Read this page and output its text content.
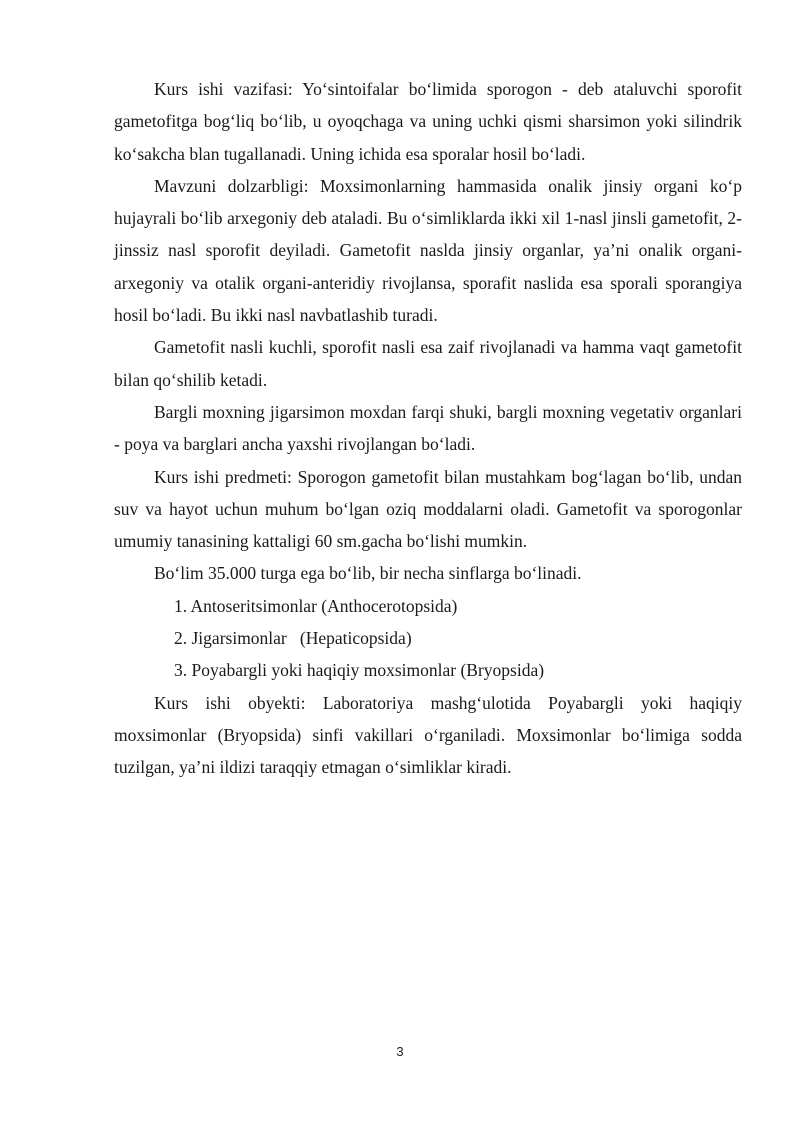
Kurs ishi vazifasi: Yo‘sintoifalar bo‘limida sporogon - deb ataluvchi sporofit gametofitga bog‘liq bo‘lib, u oyoqchaga va uning uchki qismi sharsimon yoki silindrik ko‘sakcha blan tugallanadi. Uning ichida esa sporalar hosil bo‘ladi.

Mavzuni dolzarbligi: Moxsimonlarning hammasida onalik jinsiy organi ko‘p hujayrali bo‘lib arxegoniy deb ataladi. Bu o‘simliklarda ikki xil 1-nasl jinsli gametofit, 2-jinssiz nasl sporofit deyiladi. Gametofit naslda jinsiy organlar, ya’ni onalik organi-arxegoniy va otalik organi-anteridiy rivojlansa, sporafit naslida esa sporali sporangiya hosil bo‘ladi. Bu ikki nasl navbatlashib turadi.

Gametofit nasli kuchli, sporofit nasli esa zaif rivojlanadi va hamma vaqt gametofit bilan qo‘shilib ketadi.

Bargli moxning jigarsimon moxdan farqi shuki, bargli moxning vegetativ organlari - poya va barglari ancha yaxshi rivojlangan bo‘ladi.

Kurs ishi predmeti: Sporogon gametofit bilan mustahkam bog‘lagan bo‘lib, undan suv va hayot uchun muhum bo‘lgan oziq moddalarni oladi. Gametofit va sporogonlar umumiy tanasining kattaligi 60 sm.gacha bo‘lishi mumkin.

Bo‘lim 35.000 turga ega bo‘lib, bir necha sinflarga bo‘linadi.

1. Antoseritsimonlar (Anthocerotopsida)
2. Jigarsimonlar   (Hepaticopsida)
3. Poyabargli yoki haqiqiy moxsimonlar (Bryopsida)

Kurs ishi obyekti: Laboratoriya mashg‘ulotida Poyabargli yoki haqiqiy moxsimonlar (Bryopsida) sinfi vakillari o‘rganiladi. Moxsimonlar bo‘limiga sodda tuzilgan, ya’ni ildizi taraqqiy etmagan o‘simliklar kiradi.

3
